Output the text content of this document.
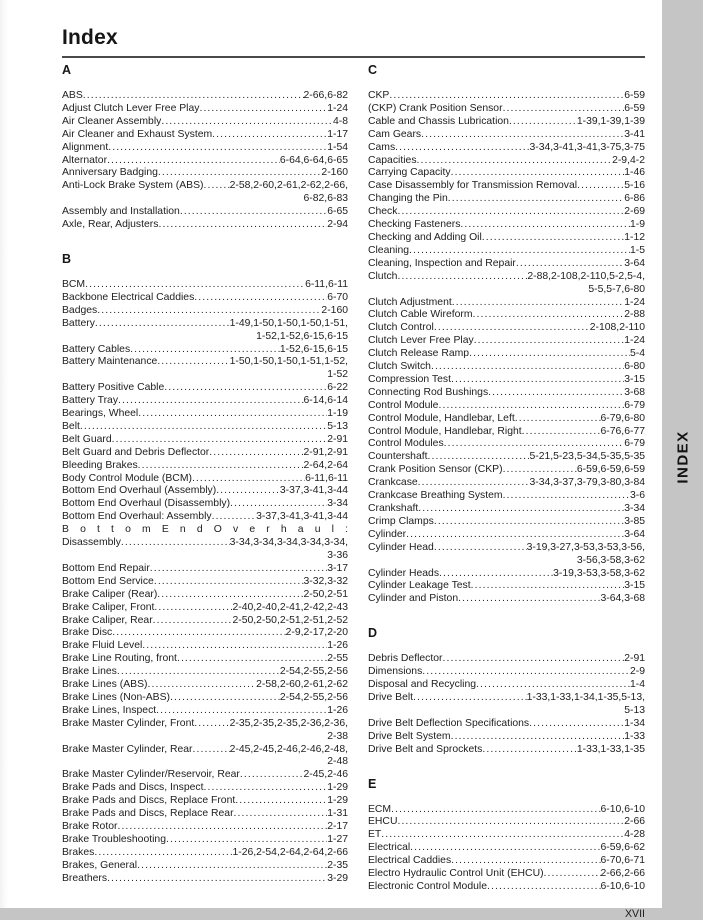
Index
A
ABS .....	2-66,6-82
Adjust Clutch Lever Free Play .....	1-24
Air Cleaner Assembly .....	4-8
Air Cleaner and Exhaust System .....	1-17
Alignment .....	1-54
Alternator .....	6-64,6-64,6-65
Anniversary Badging .....	2-160
Anti-Lock Brake System (ABS) .....	2-58,2-60,2-61,2-62,2-66,
6-82,6-83
Assembly and Installation .....	6-65
Axle, Rear, Adjusters .....	2-94
B
BCM .....	6-11,6-11
Backbone Electrical Caddies .....	6-70
Badges .....	2-160
Battery .....	1-49,1-50,1-50,1-50,1-51,
1-52,1-52,6-15,6-15
Battery Cables .....	1-52,6-15,6-15
Battery Maintenance .....	1-50,1-50,1-50,1-51,1-52,
1-52
Battery Positive Cable .....	6-22
Battery Tray .....	6-14,6-14
Bearings, Wheel .....	1-19
Belt .....	5-13
Belt Guard .....	2-91
Belt Guard and Debris Deflector .....	2-91,2-91
Bleeding Brakes .....	2-64,2-64
Body Control Module (BCM) .....	6-11,6-11
Bottom End Overhaul (Assembly) .....	3-37,3-41,3-44
Bottom End Overhaul (Disassembly) .....	3-34
Bottom End Overhaul: Assembly .....	3-37,3-41,3-41,3-44
B o t t o m E n d O v e r h a u l :
Disassembly .....	3-34,3-34,3-34,3-34,3-34,
3-36
Bottom End Repair .....	3-17
Bottom End Service .....	3-32,3-32
Brake Caliper (Rear) .....	2-50,2-51
Brake Caliper, Front .....	2-40,2-40,2-41,2-42,2-43
Brake Caliper, Rear .....	2-50,2-50,2-51,2-51,2-52
Brake Disc .....	2-9,2-17,2-20
Brake Fluid Level .....	1-26
Brake Line Routing, front .....	2-55
Brake Lines .....	2-54,2-55,2-56
Brake Lines (ABS) .....	2-58,2-60,2-61,2-62
Brake Lines (Non-ABS) .....	2-54,2-55,2-56
Brake Lines, Inspect .....	1-26
Brake Master Cylinder, Front .....	2-35,2-35,2-35,2-36,2-36,
2-38
Brake Master Cylinder, Rear .....	2-45,2-45,2-46,2-46,2-48,
2-48
Brake Master Cylinder/Reservoir, Rear .....	2-45,2-46
Brake Pads and Discs, Inspect .....	1-29
Brake Pads and Discs, Replace Front .....	1-29
Brake Pads and Discs, Replace Rear .....	1-31
Brake Rotor .....	2-17
Brake Troubleshooting .....	1-27
Brakes .....	1-26,2-54,2-64,2-64,2-66
Brakes, General .....	2-35
Breathers .....	3-29
C
CKP .....	6-59
(CKP) Crank Position Sensor .....	6-59
Cable and Chassis Lubrication .....	1-39,1-39,1-39
Cam Gears .....	3-41
Cams .....	3-34,3-41,3-41,3-75,3-75
Capacities .....	2-9,4-2
Carrying Capacity .....	1-46
Case Disassembly for Transmission Removal .....	5-16
Changing the Pin .....	6-86
Check .....	2-69
Checking Fasteners .....	1-9
Checking and Adding Oil .....	1-12
Cleaning .....	1-5
Cleaning, Inspection and Repair .....	3-64
Clutch .....	2-88,2-108,2-110,5-2,5-4,
5-5,5-7,6-80
Clutch Adjustment .....	1-24
Clutch Cable Wireform .....	2-88
Clutch Control .....	2-108,2-110
Clutch Lever Free Play .....	1-24
Clutch Release Ramp .....	5-4
Clutch Switch .....	6-80
Compression Test .....	3-15
Connecting Rod Bushings .....	3-68
Control Module .....	6-79
Control Module, Handlebar, Left .....	6-79,6-80
Control Module, Handlebar, Right .....	6-76,6-77
Control Modules .....	6-79
Countershaft .....	5-21,5-23,5-34,5-35,5-35
Crank Position Sensor (CKP) .....	6-59,6-59,6-59
Crankcase .....	3-34,3-37,3-79,3-80,3-84
Crankcase Breathing System .....	3-6
Crankshaft .....	3-34
Crimp Clamps .....	3-85
Cylinder .....	3-64
Cylinder Head .....	3-19,3-27,3-53,3-53,3-56,
3-56,3-58,3-62
Cylinder Heads .....	3-19,3-53,3-58,3-62
Cylinder Leakage Test .....	3-15
Cylinder and Piston .....	3-64,3-68
D
Debris Deflector .....	2-91
Dimensions .....	2-9
Disposal and Recycling .....	1-4
Drive Belt .....	1-33,1-33,1-34,1-35,5-13,
5-13
Drive Belt Deflection Specifications .....	1-34
Drive Belt System .....	1-33
Drive Belt and Sprockets .....	1-33,1-33,1-35
E
ECM .....	6-10,6-10
EHCU .....	2-66
ET .....	4-28
Electrical .....	6-59,6-62
Electrical Caddies .....	6-70,6-71
Electro Hydraulic Control Unit (EHCU) .....	2-66,2-66
Electronic Control Module .....	6-10,6-10
XVII
INDEX
